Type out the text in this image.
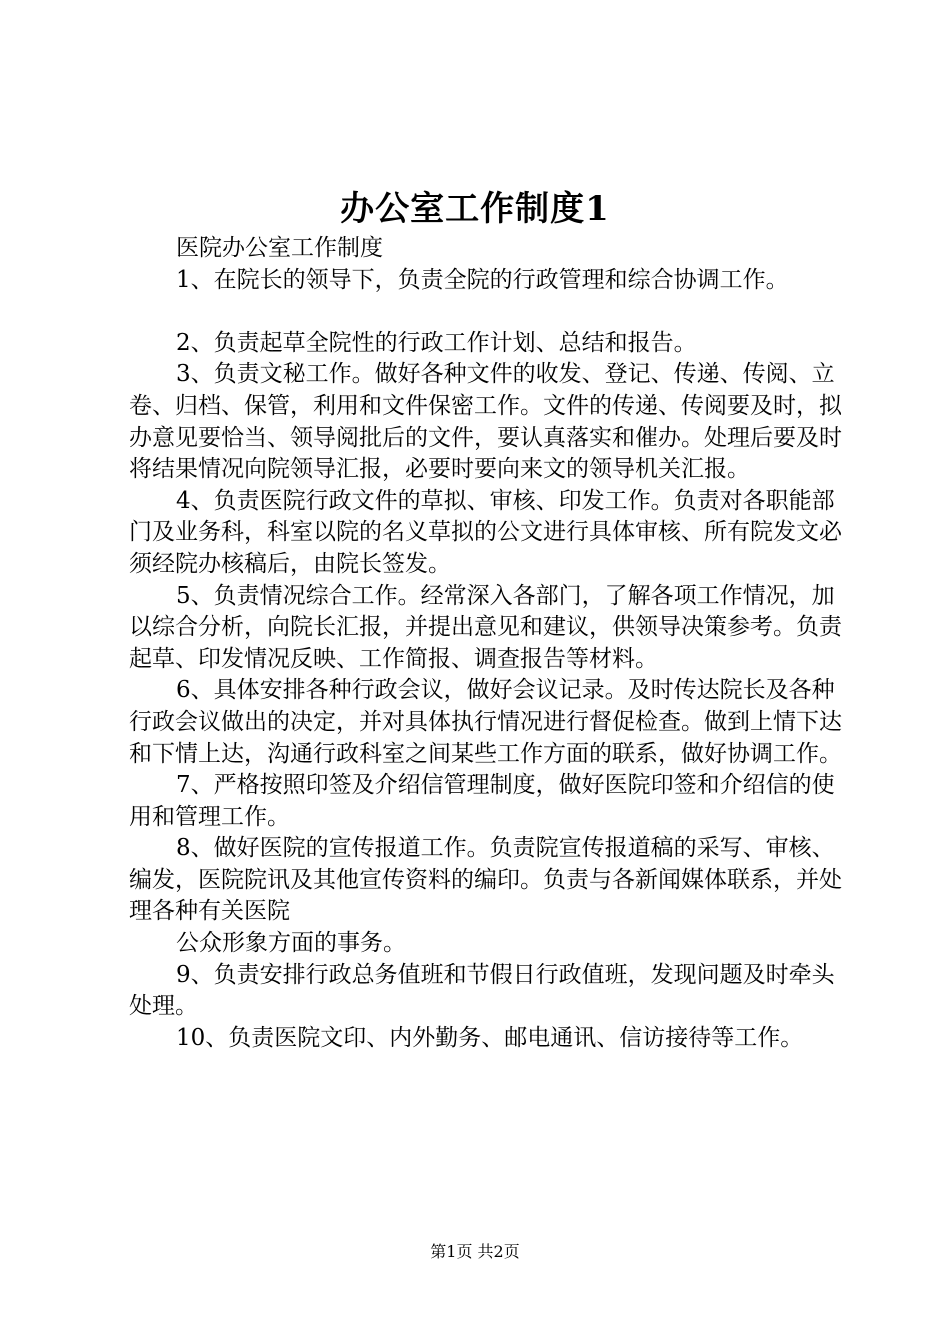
办公室工作制度1

医院办公室工作制度

1、在院长的领导下，负责全院的行政管理和综合协调工作。

2、负责起草全院性的行政工作计划、总结和报告。

3、负责文秘工作。做好各种文件的收发、登记、传递、传阅、立卷、归档、保管，利用和文件保密工作。文件的传递、传阅要及时，拟办意见要恰当、领导阅批后的文件，要认真落实和催办。处理后要及时将结果情况向院领导汇报，必要时要向来文的领导机关汇报。

4、负责医院行政文件的草拟、审核、印发工作。负责对各职能部门及业务科，科室以院的名义草拟的公文进行具体审核、所有院发文必须经院办核稿后，由院长签发。

5、负责情况综合工作。经常深入各部门，了解各项工作情况，加以综合分析，向院长汇报，并提出意见和建议，供领导决策参考。负责起草、印发情况反映、工作简报、调查报告等材料。

6、具体安排各种行政会议，做好会议记录。及时传达院长及各种行政会议做出的决定，并对具体执行情况进行督促检查。做到上情下达和下情上达，沟通行政科室之间某些工作方面的联系，做好协调工作。

7、严格按照印签及介绍信管理制度，做好医院印签和介绍信的使用和管理工作。

8、做好医院的宣传报道工作。负责院宣传报道稿的采写、审核、编发，医院院讯及其他宣传资料的编印。负责与各新闻媒体联系，并处理各种有关医院

公众形象方面的事务。

9、负责安排行政总务值班和节假日行政值班，发现问题及时牵头处理。

10、负责医院文印、内外勤务、邮电通讯、信访接待等工作。

第1页 共2页
